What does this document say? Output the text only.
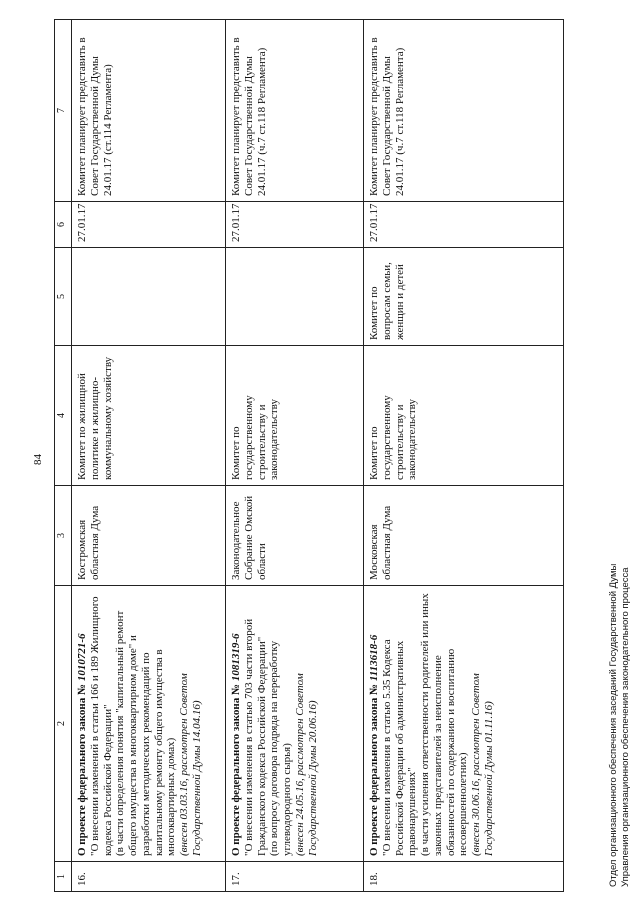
84
1	2	3	4	5	6	7
16.	О проекте федерального закона № 1010721-6 "О внесении изменений в статьи 166 и 189 Жилищного кодекса Российской Федерации" (в части определения понятия "капитальный ремонт общего имущества в многоквартирном доме" и разработки методических рекомендаций по капитальному ремонту общего имущества в многоквартирных домах) (внесен 03.03.16, рассмотрен Советом Государственной Думы 14.04.16)	Костромская областная Дума	Комитет по жилищной политике и жилищно-коммунальному хозяйству		27.01.17	Комитет планирует представить в Совет Государственной Думы 24.01.17 (ст.114 Регламента)
17.	О проекте федерального закона № 1081319-6 "О внесении изменения в статью 703 части второй Гражданского кодекса Российской Федерации" (по вопросу договора подряда на переработку углеводородного сырья) (внесен 24.05.16, рассмотрен Советом Государственной Думы 20.06.16)	Законодательное Собрание Омской области	Комитет по государственному строительству и законодательству		27.01.17	Комитет планирует представить в Совет Государственной Думы 24.01.17 (ч.7 ст.118 Регламента)
18.	О проекте федерального закона № 1113618-6 "О внесении изменения в статью 5.35 Кодекса Российской Федерации об административных правонарушениях" (в части усиления ответственности родителей или иных законных представителей за неисполнение обязанностей по содержанию и воспитанию несовершеннолетних) (внесен 30.06.16, рассмотрен Советом Государственной Думы 01.11.16)	Московская областная Дума	Комитет по государственному строительству и законодательству	Комитет по вопросам семьи, женщин и детей	27.01.17	Комитет планирует представить в Совет Государственной Думы 24.01.17 (ч.7 ст.118 Регламента)
Отдел организационного обеспечения заседаний Государственной Думы Управления организационного обеспечения законодательного процесса
